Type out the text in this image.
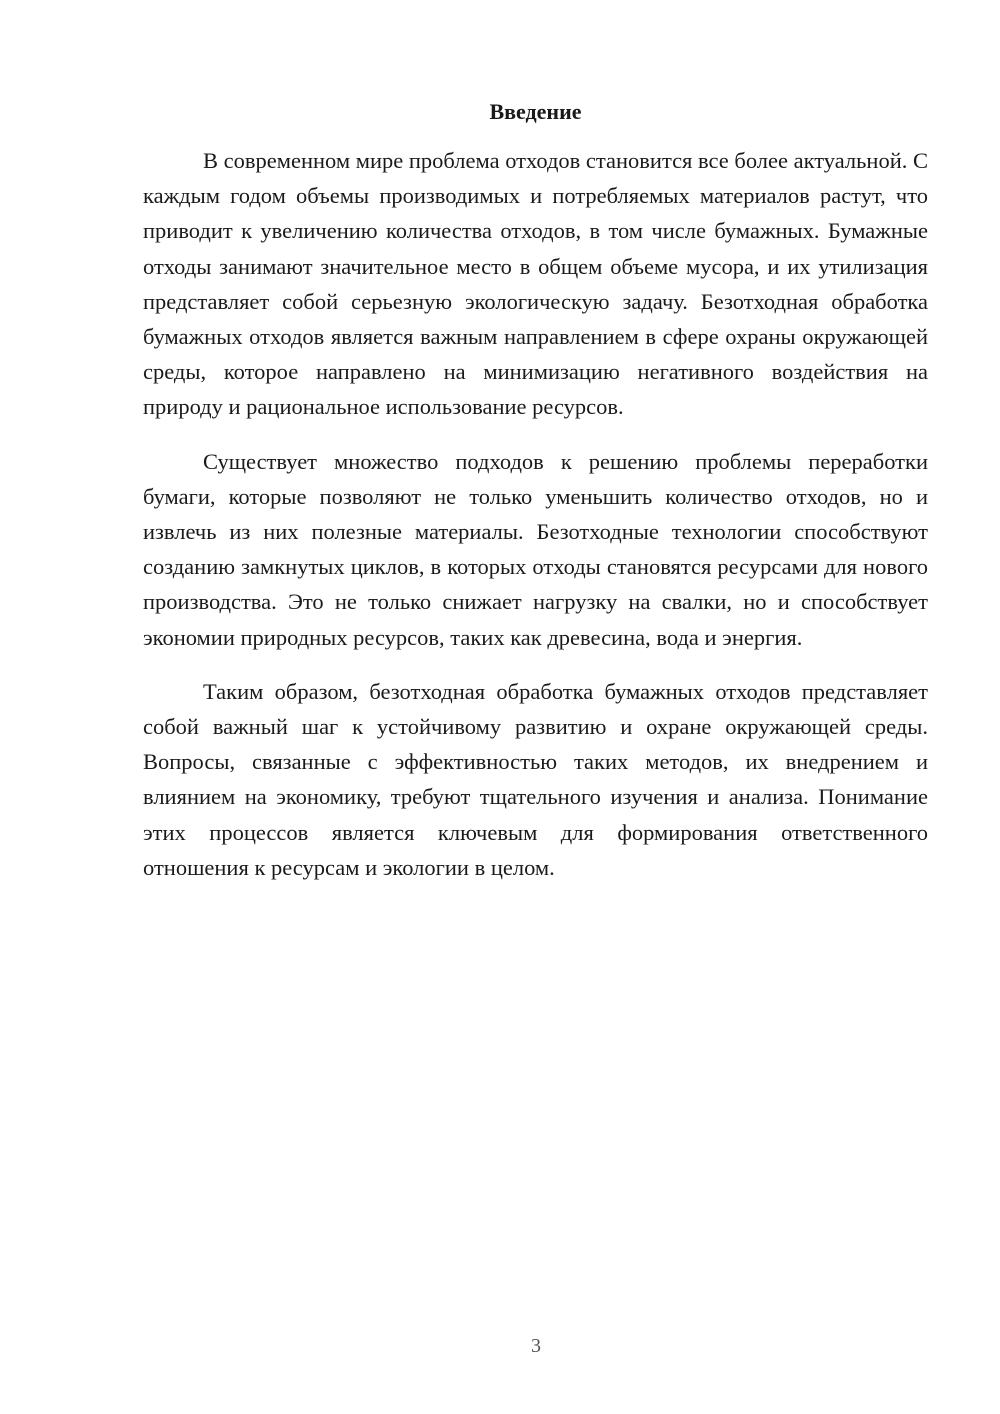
Введение

В современном мире проблема отходов становится все более актуальной. С каждым годом объемы производимых и потребляемых материалов растут, что приводит к увеличению количества отходов, в том числе бумажных. Бумажные отходы занимают значительное место в общем объеме мусора, и их утилизация представляет собой серьезную экологическую задачу. Безотходная обработка бумажных отходов является важным направлением в сфере охраны окружающей среды, которое направлено на минимизацию негативного воздействия на природу и рациональное использование ресурсов.

Существует множество подходов к решению проблемы переработки бумаги, которые позволяют не только уменьшить количество отходов, но и извлечь из них полезные материалы. Безотходные технологии способствуют созданию замкнутых циклов, в которых отходы становятся ресурсами для нового производства. Это не только снижает нагрузку на свалки, но и способствует экономии природных ресурсов, таких как древесина, вода и энергия.

Таким образом, безотходная обработка бумажных отходов представляет собой важный шаг к устойчивому развитию и охране окружающей среды. Вопросы, связанные с эффективностью таких методов, их внедрением и влиянием на экономику, требуют тщательного изучения и анализа. Понимание этих процессов является ключевым для формирования ответственного отношения к ресурсам и экологии в целом.

3
